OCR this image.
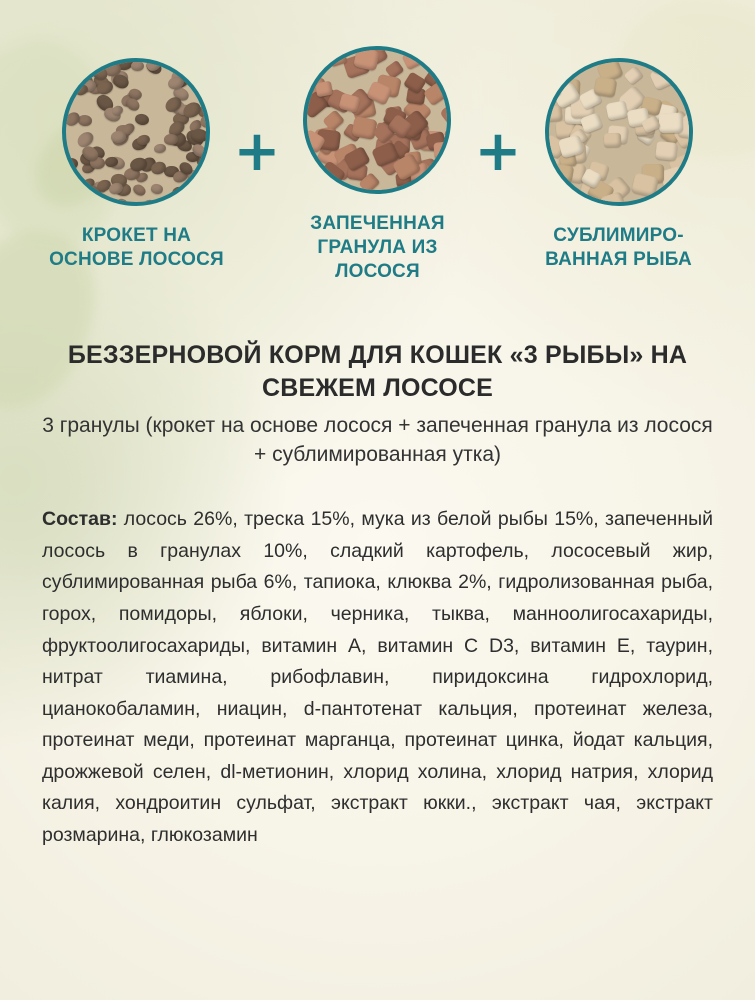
КРОКЕТ НА ОСНОВЕ ЛОСОСЯ
+
ЗАПЕЧЕННАЯ ГРАНУЛА ИЗ ЛОСОСЯ
+
СУБЛИМИРО- ВАННАЯ РЫБА
БЕЗЗЕРНОВОЙ КОРМ ДЛЯ КОШЕК «3 РЫБЫ» НА СВЕЖЕМ ЛОСОСЕ
3 гранулы (крокет на основе лосося + запеченная гранула из лосося + сублимированная утка)
Состав: лосось 26%, треска 15%, мука из белой рыбы 15%, запеченный лосось в гранулах 10%, сладкий картофель, лососевый жир, сублимированная рыба 6%, тапиока, клюква 2%, гидролизованная рыба, горох, помидоры, яблоки, черника, тыква, манноолигосахариды, фруктоолигосахариды, витамин А, витамин С D3, витамин Е, таурин, нитрат тиамина, рибофлавин, пиридоксина гидрохлорид, цианокобаламин, ниацин, d-пантотенат кальция, протеинат железа, протеинат меди, протеинат марганца, протеинат цинка, йодат кальция, дрожжевой селен, dl-метионин, хлорид холина, хлорид натрия, хлорид калия, хондроитин сульфат, экстракт юкки., экстракт чая, экстракт розмарина, глюкозамин
